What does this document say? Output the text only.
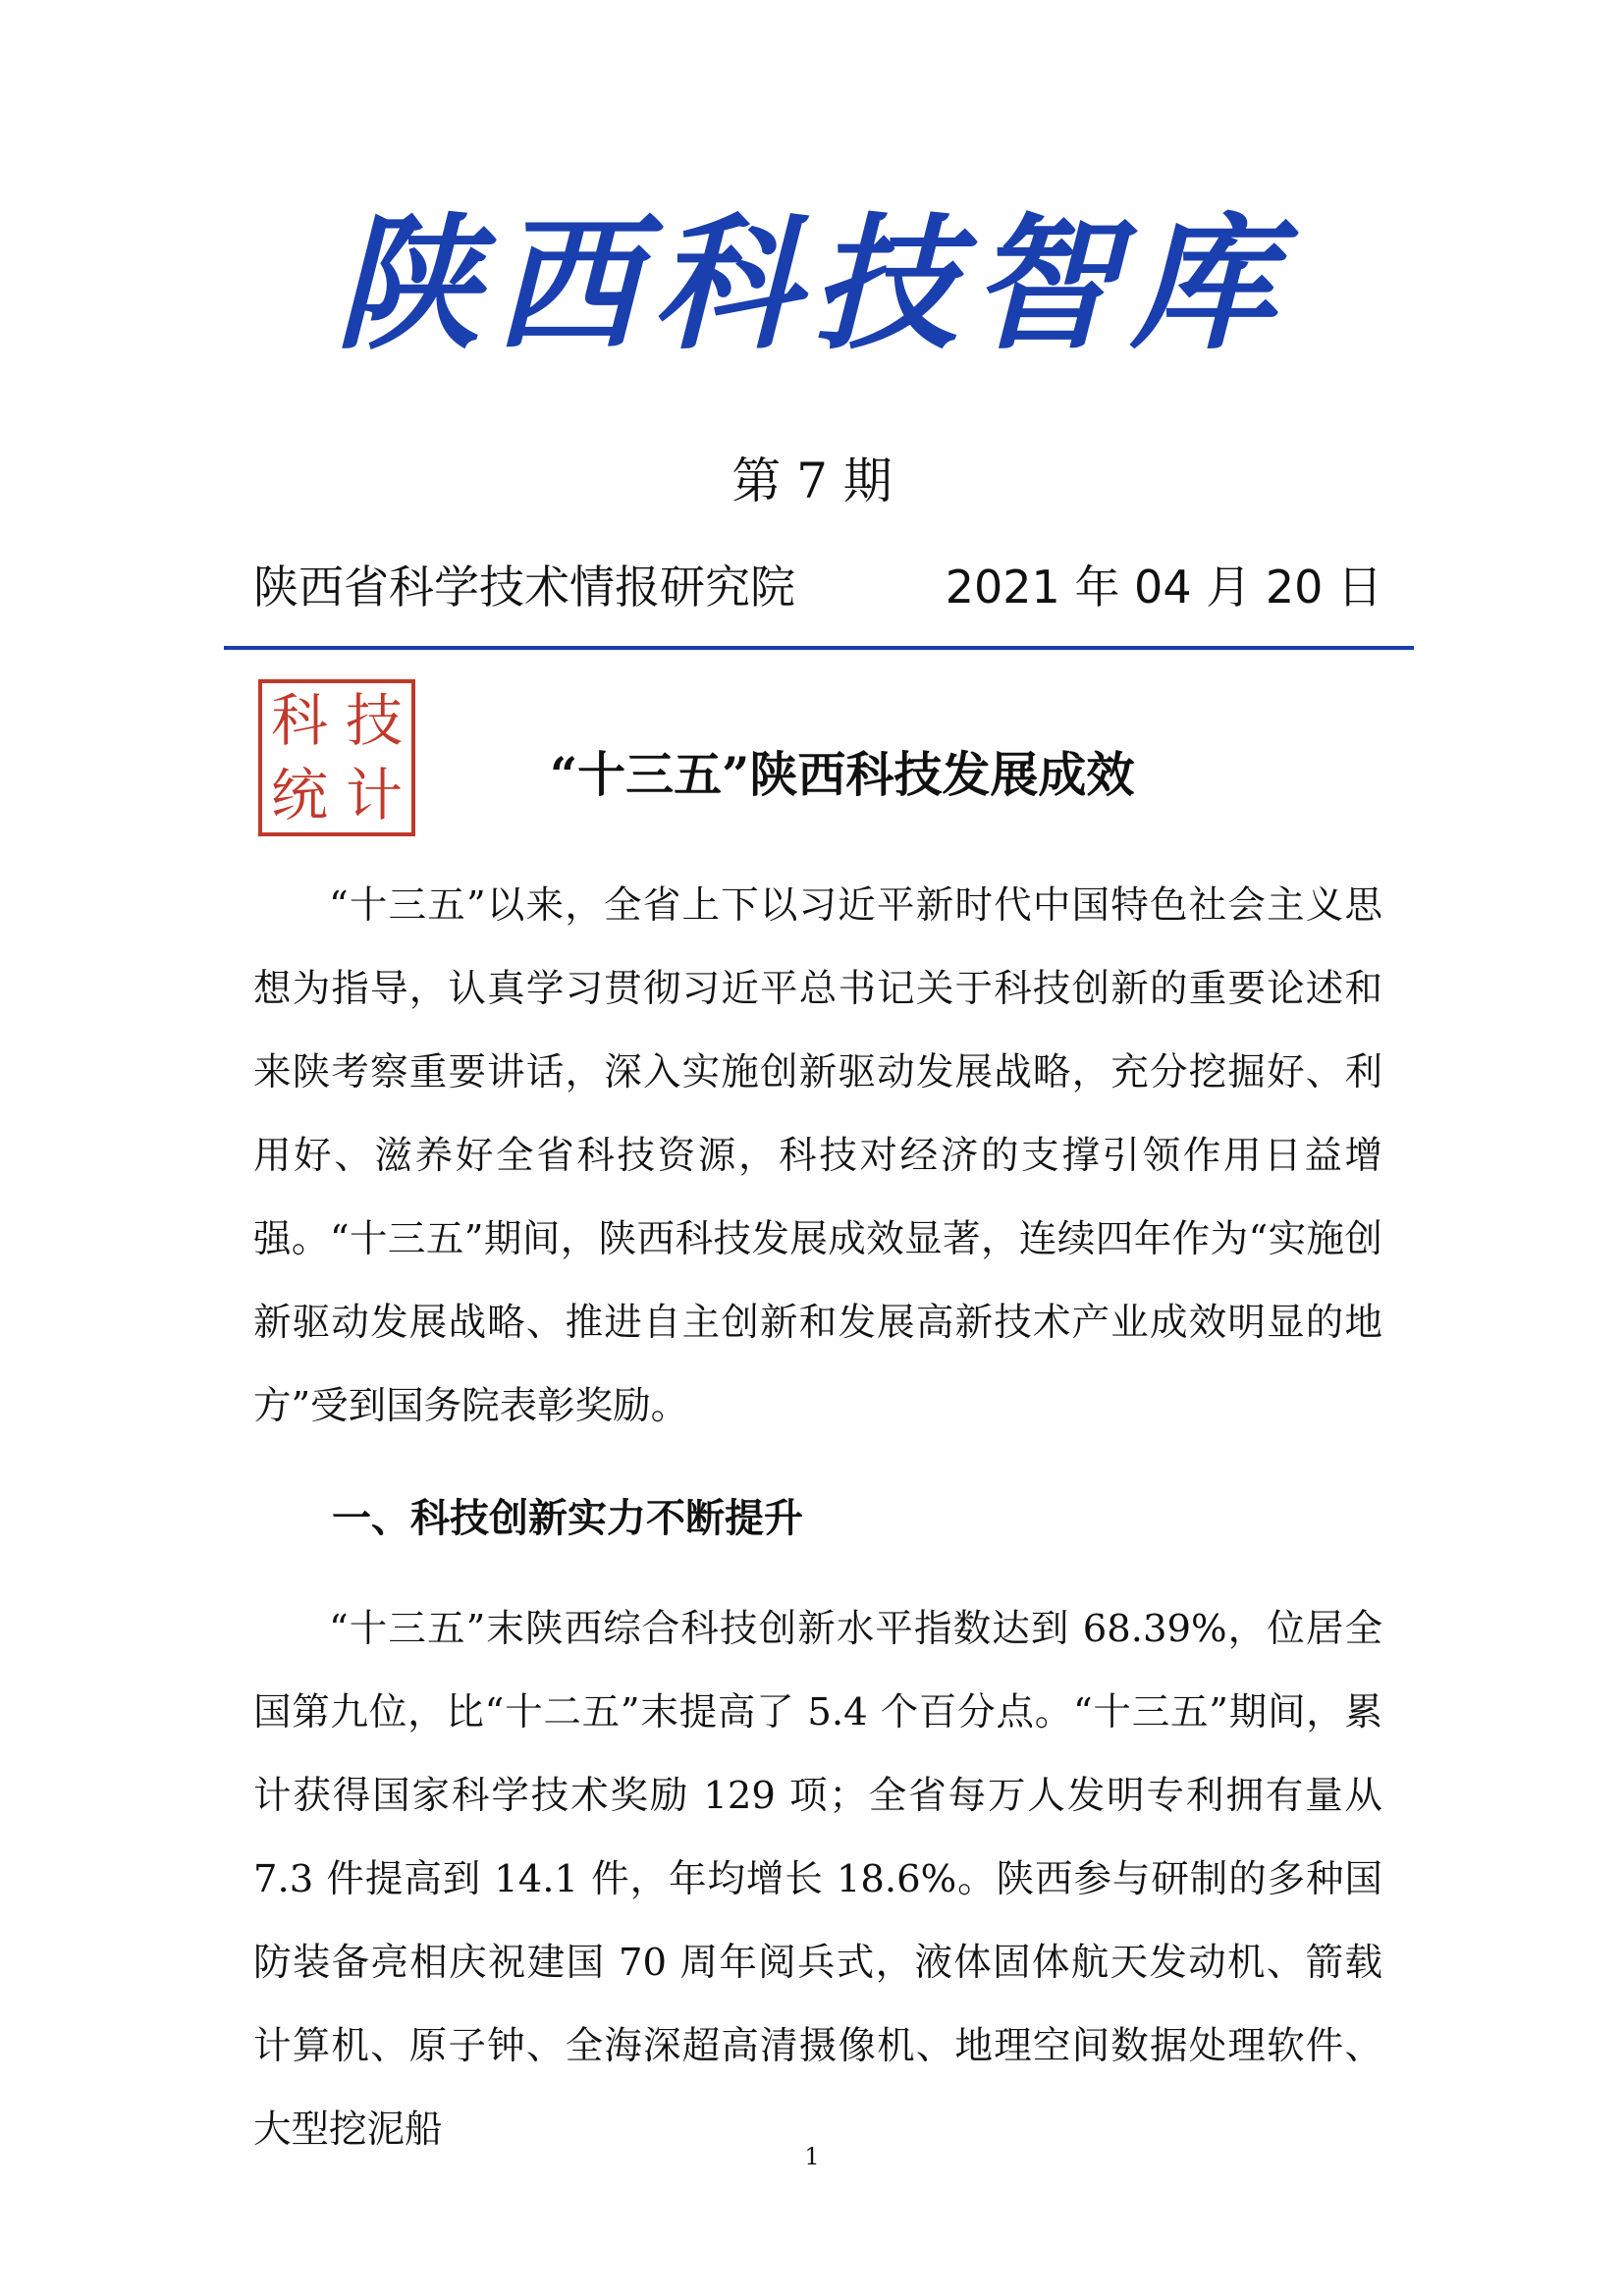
陕西科技智库
第 7 期
陕西省科学技术情报研究院	2021 年 04 月 20 日
科 技
统 计	“十三五”陕西科技发展成效

“十三五”以来，全省上下以习近平新时代中国特色社会主义思想为指导，认真学习贯彻习近平总书记关于科技创新的重要论述和来陕考察重要讲话，深入实施创新驱动发展战略，充分挖掘好、利用好、滋养好全省科技资源，科技对经济的支撑引领作用日益增强。“十三五”期间，陕西科技发展成效显著，连续四年作为“实施创新驱动发展战略、推进自主创新和发展高新技术产业成效明显的地方”受到国务院表彰奖励。

一、科技创新实力不断提升

“十三五”末陕西综合科技创新水平指数达到 68.39%，位居全国第九位，比“十二五”末提高了 5.4 个百分点。“十三五”期间，累计获得国家科学技术奖励 129 项；全省每万人发明专利拥有量从 7.3 件提高到 14.1 件，年均增长 18.6%。陕西参与研制的多种国防装备亮相庆祝建国 70 周年阅兵式，液体固体航天发动机、箭载计算机、原子钟、全海深超高清摄像机、地理空间数据处理软件、大型挖泥船

1
